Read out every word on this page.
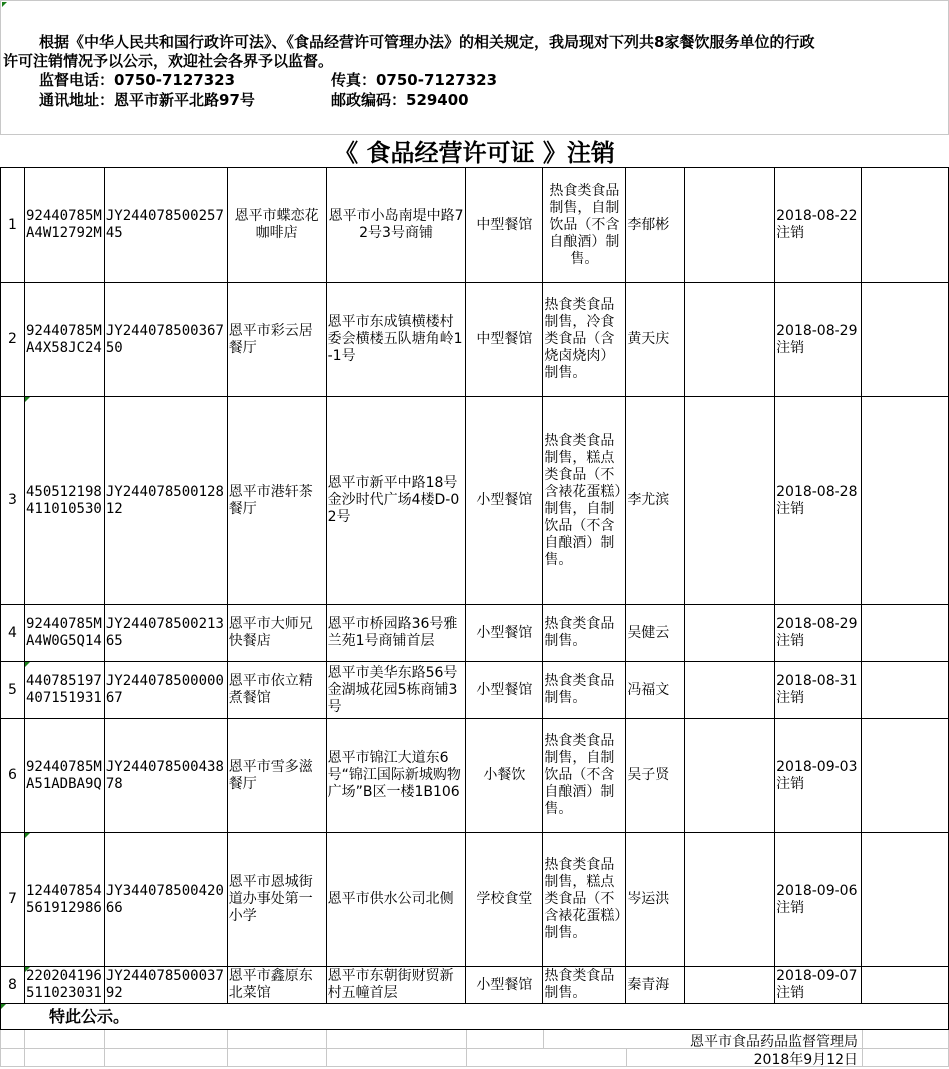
根据《中华人民共和国行政许可法》、《食品经营许可管理办法》的相关规定，我局现对下列共8家餐饮服务单位的行政
许可注销情况予以公示，欢迎社会各界予以监督。
监督电话：0750-7127323	传真：0750-7127323
通讯地址：恩平市新平北路97号	邮政编码：529400
《 食品经营许可证 》注销
1	92440785MA4W12792M	JY24407850025745	恩平市蝶恋花咖啡店	恩平市小岛南堤中路72号3号商铺	中型餐馆	热食类食品制售，自制饮品（不含自酿酒）制售。	李郁彬		2018-08-22
注销	
2	92440785MA4X58JC24	JY24407850036750	恩平市彩云居餐厅	恩平市东成镇横楼村委会横楼五队塘角岭1-1号	中型餐馆	热食类食品制售，冷食类食品（含烧卤烧肉）制售。	黄天庆		2018-08-29
注销	
3	450512198411010530	JY24407850012812	恩平市港轩茶餐厅	恩平市新平中路18号金沙时代广场4楼D-02号	小型餐馆	热食类食品制售，糕点类食品（不含裱花蛋糕）制售，自制饮品（不含自酿酒）制售。	李尤滨		2018-08-28
注销	
4	92440785MA4W0G5Q14	JY24407850021365	恩平市大师兄快餐店	恩平市桥园路36号雅兰苑1号商铺首层	小型餐馆	热食类食品制售。	吴健云		2018-08-29
注销	
5	440785197407151931	JY24407850000067	恩平市依立精煮餐馆	恩平市美华东路56号金湖城花园5栋商铺3号	小型餐馆	热食类食品制售。	冯福文		2018-08-31
注销	
6	92440785MA51ADBA9Q	JY24407850043878	恩平市雪多滋餐厅	恩平市锦江大道东6号“锦江国际新城购物广场”B区一楼1B106	小餐饮	热食类食品制售，自制饮品（不含自酿酒）制售。	吴子贤		2018-09-03
注销	
7	124407854561912986	JY34407850042066	恩平市恩城街道办事处第一小学	恩平市供水公司北侧	学校食堂	热食类食品制售，糕点类食品（不含裱花蛋糕）制售。	岑运洪		2018-09-06
注销	
8	220204196511023031	JY24407850003792	恩平市鑫原东北菜馆	恩平市东朝街财贸新村五幢首层	小型餐馆	热食类食品制售。	秦青海		2018-09-07
注销	
特此公示。
恩平市食品药品监督管理局
2018年9月12日
